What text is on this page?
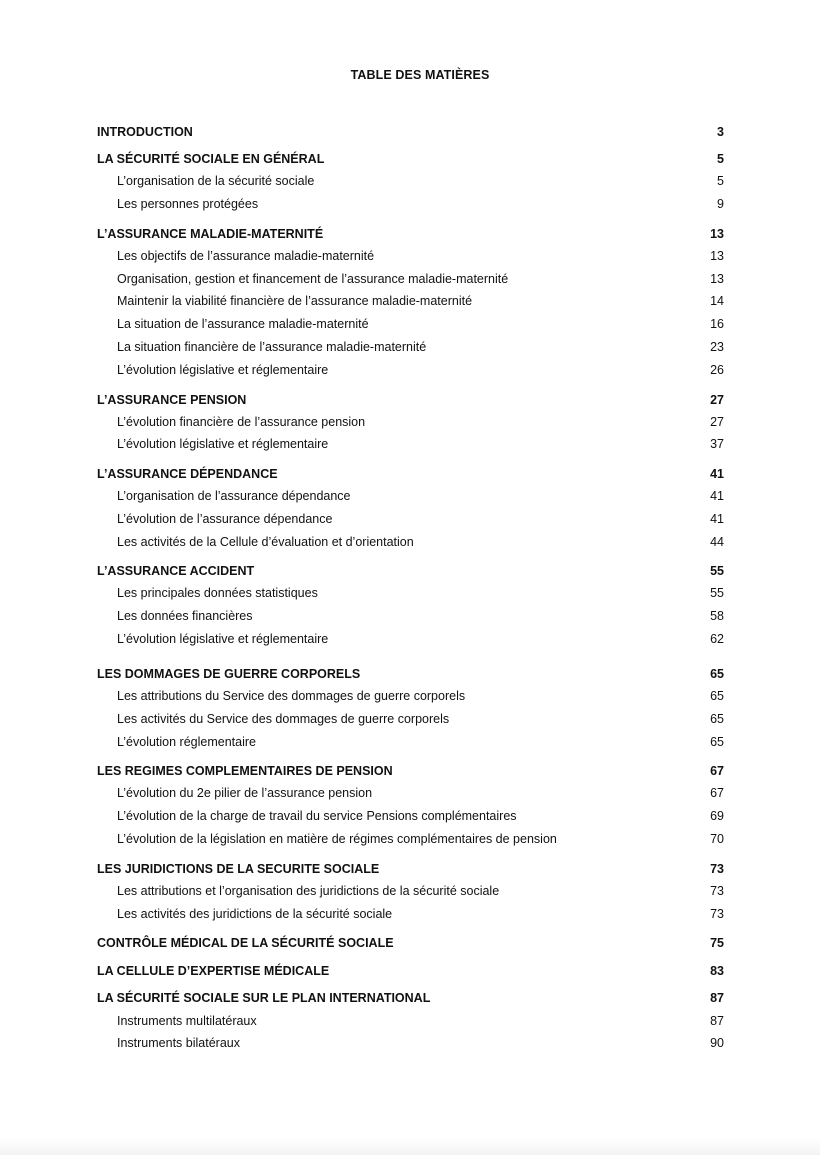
TABLE DES MATIÈRES
INTRODUCTION	3
LA SÉCURITÉ SOCIALE EN GÉNÉRAL	5
L’organisation de la sécurité sociale	5
Les personnes protégées	9
L’ASSURANCE MALADIE-MATERNITÉ	13
Les objectifs de l’assurance maladie-maternité	13
Organisation, gestion et financement de l’assurance maladie-maternité	13
Maintenir la viabilité financière de l’assurance maladie-maternité	14
La situation de l’assurance maladie-maternité	16
La situation financière de l’assurance maladie-maternité	23
L’évolution législative et réglementaire	26
L’ASSURANCE PENSION	27
L’évolution financière de l’assurance pension	27
L’évolution législative et réglementaire	37
L’ASSURANCE DÉPENDANCE	41
L’organisation de l’assurance dépendance	41
L’évolution de l’assurance dépendance	41
Les activités de la Cellule d’évaluation et d’orientation	44
L’ASSURANCE ACCIDENT	55
Les principales données statistiques	55
Les données financières	58
L’évolution législative et réglementaire	62
LES DOMMAGES DE GUERRE CORPORELS	65
Les attributions du Service des dommages de guerre corporels	65
Les activités du Service des dommages de guerre corporels	65
L’évolution réglementaire	65
LES REGIMES COMPLEMENTAIRES DE PENSION	67
L’évolution du 2e pilier de l’assurance pension	67
L’évolution de la charge de travail du service Pensions complémentaires	69
L’évolution de la législation en matière de régimes complémentaires de pension	70
LES JURIDICTIONS DE LA SECURITE SOCIALE	73
Les attributions et l’organisation des juridictions de la sécurité sociale	73
Les activités des juridictions de la sécurité sociale	73
CONTRÔLE MÉDICAL DE LA SÉCURITÉ SOCIALE	75
LA CELLULE D’EXPERTISE MÉDICALE	83
LA SÉCURITÉ SOCIALE SUR LE PLAN INTERNATIONAL	87
Instruments multilatéraux	87
Instruments bilatéraux	90
